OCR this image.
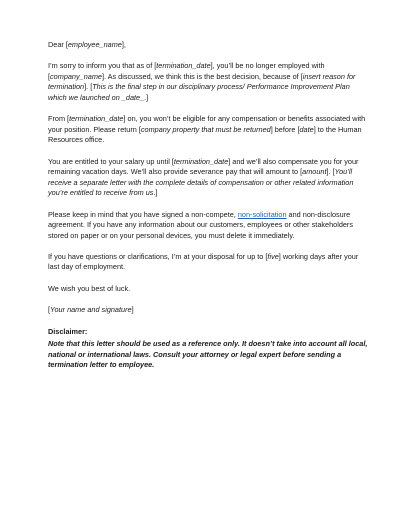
Dear [employee_name],

I’m sorry to inform you that as of [termination_date], you’ll be no longer employed with [company_name]. As discussed, we think this is the best decision, because of [insert reason for termination]. [This is the final step in our disciplinary process/ Performance Improvement Plan which we launched on _date_.]

From [termination_date] on, you won’t be eligible for any compensation or benefits associated with your position. Please return [company property that must be returned] before [date] to the Human Resources office.

You are entitled to your salary up until [termination_date] and we’ll also compensate you for your remaining vacation days. We’ll also provide severance pay that will amount to [amount]. [You’ll receive a separate letter with the complete details of compensation or other related information you’re entitled to receive from us.]

Please keep in mind that you have signed a non-compete, non-solicitation and non-disclosure agreement. If you have any information about our customers, employees or other stakeholders stored on paper or on your personal devices, you must delete it immediately.

If you have questions or clarifications, I’m at your disposal for up to [five] working days after your last day of employment.

We wish you best of luck.

[Your name and signature]

Disclaimer:
Note that this letter should be used as a reference only. It doesn’t take into account all local, national or international laws. Consult your attorney or legal expert before sending a termination letter to employee.
